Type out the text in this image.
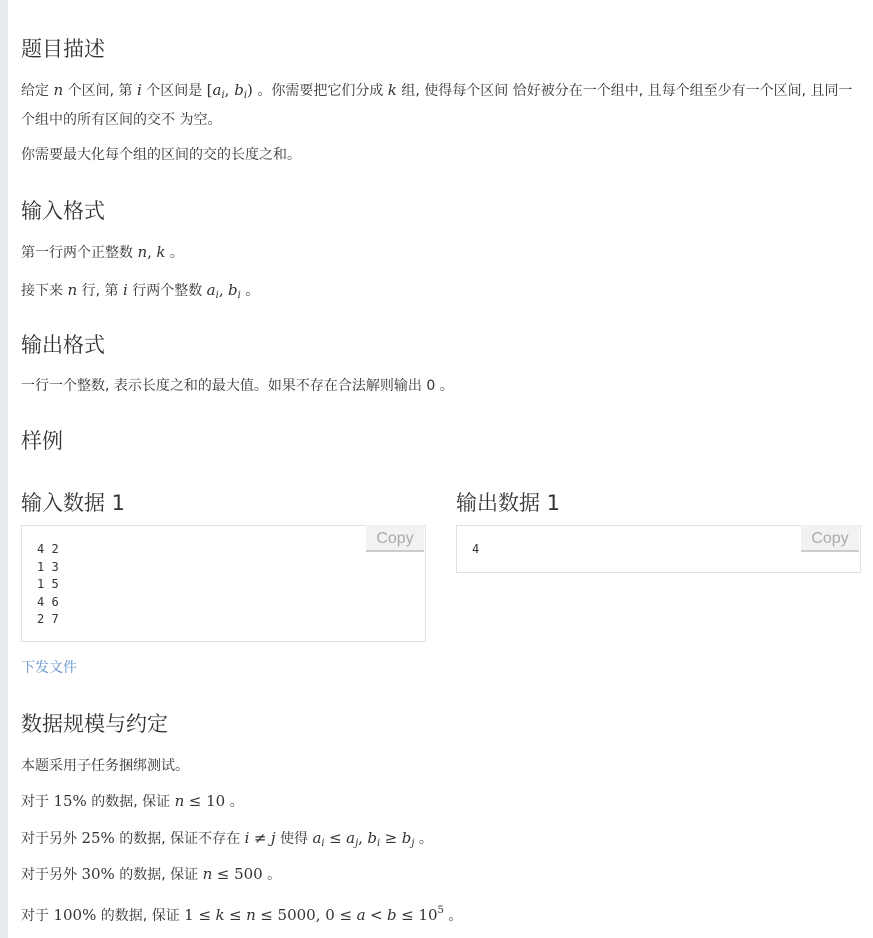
题目描述

给定 n 个区间, 第 i 个区间是 [$a_i$, $b_i$) 。你需要把它们分成 k 组, 使得每个区间 恰好被分在一个组中, 且每个组至少有一个区间, 且同一个组中的所有区间的交不 为空。

你需要最大化每个组的区间的交的长度之和。

输入格式

第一行两个正整数 n, k 。

接下来 n 行, 第 i 行两个整数 $a_i$, $b_i$ 。

输出格式

一行一个整数, 表示长度之和的最大值。如果不存在合法解则输出 0 。

样例
输入数据 1
4 2
1 3
1 5
4 6
2 7
Copy
输出数据 1
4
Copy
下发文件
数据规模与约定

本题采用子任务捆绑测试。

对于 15% 的数据, 保证 n ≤ 10 。

对于另外 25% 的数据, 保证不存在 i ≠ j 使得 $a_i \le a_j$, $b_i \ge b_j$ 。

对于另外 30% 的数据, 保证 n ≤ 500 。

对于 100% 的数据, 保证 1 ≤ k ≤ n ≤ 5000, $0 \le a < b \le 10^5$ 。
